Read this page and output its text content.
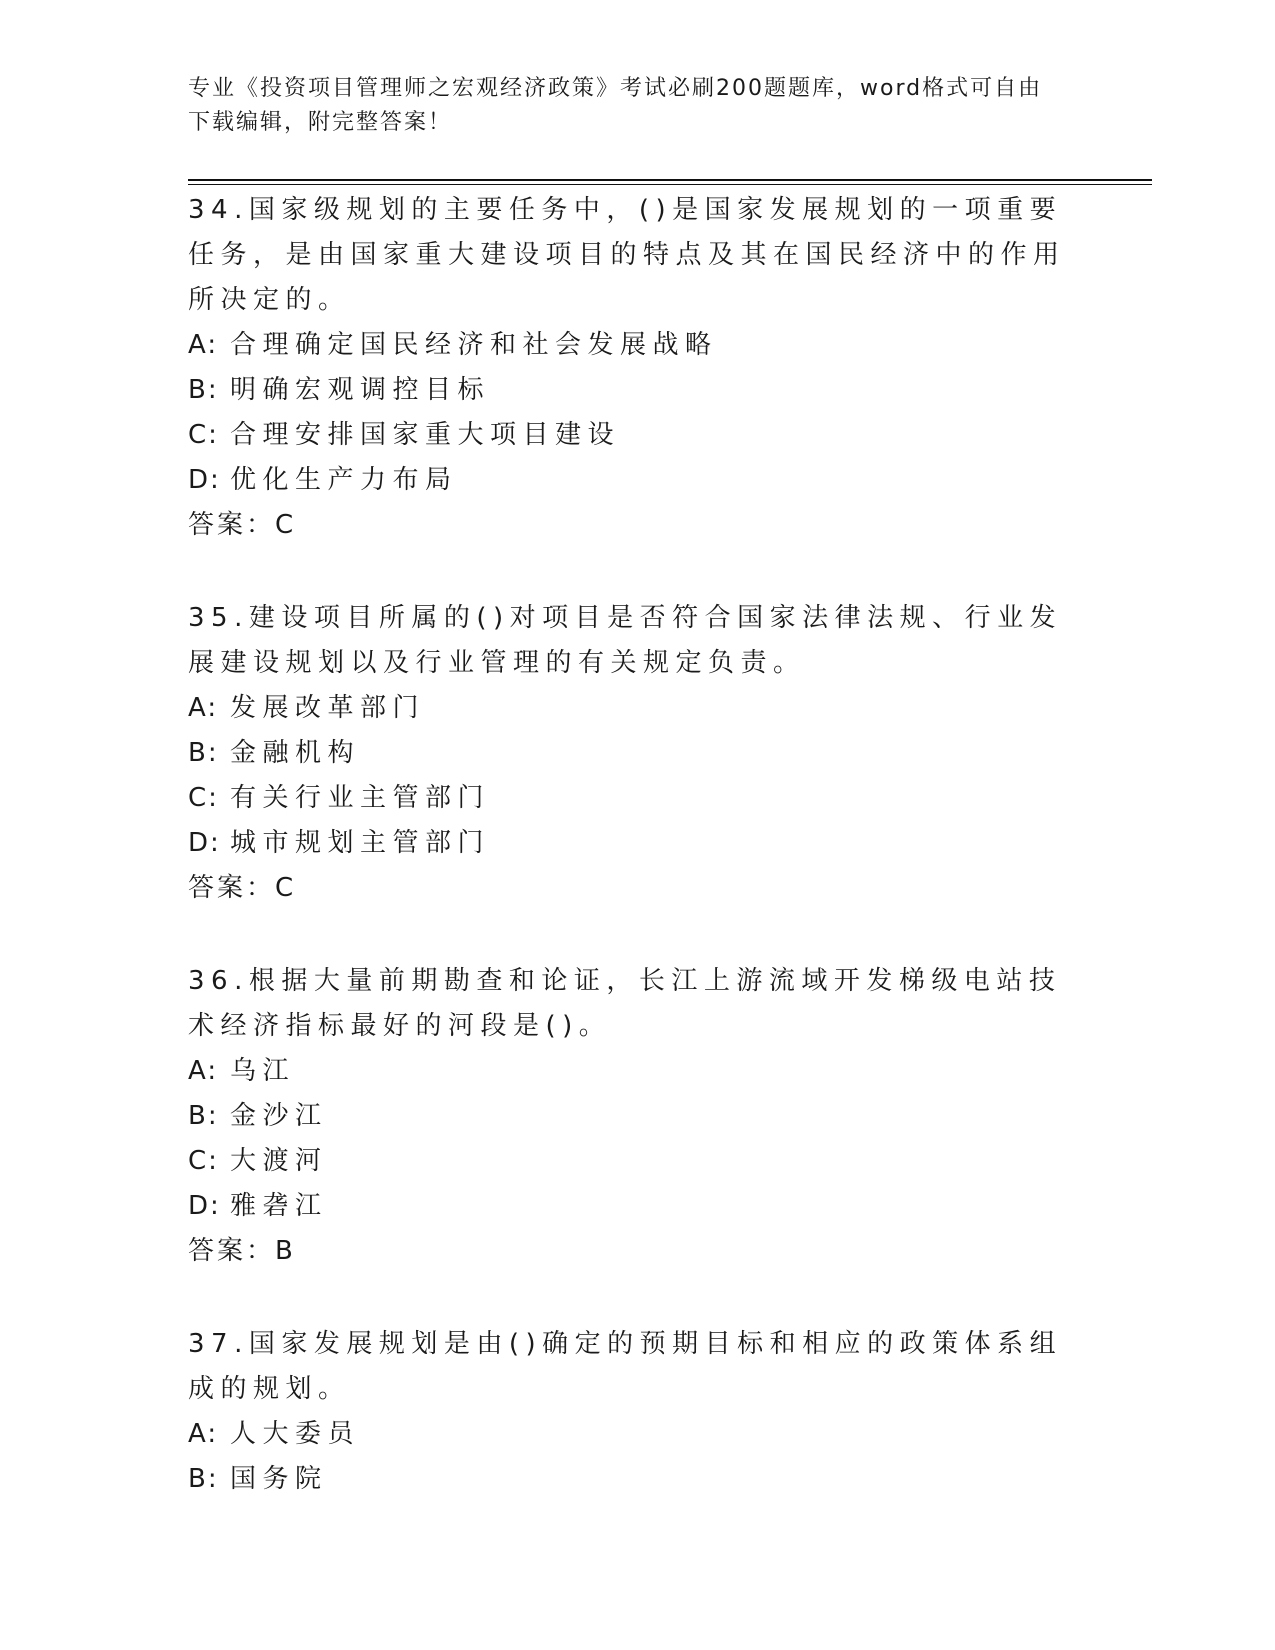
专业《投资项目管理师之宏观经济政策》考试必刷200题题库，word格式可自由

下载编辑，附完整答案！

34.国家级规划的主要任务中，()是国家发展规划的一项重要任务，是由国家重大建设项目的特点及其在国民经济中的作用所决定的。

A: 合理确定国民经济和社会发展战略

B: 明确宏观调控目标

C: 合理安排国家重大项目建设

D: 优化生产力布局

答案：C

35.建设项目所属的()对项目是否符合国家法律法规、行业发展建设规划以及行业管理的有关规定负责。

A: 发展改革部门

B: 金融机构

C: 有关行业主管部门

D: 城市规划主管部门

答案：C

36.根据大量前期勘查和论证，长江上游流域开发梯级电站技术经济指标最好的河段是()。

A: 乌江

B: 金沙江

C: 大渡河

D: 雅砻江

答案：B

37.国家发展规划是由()确定的预期目标和相应的政策体系组成的规划。

A: 人大委员

B: 国务院
